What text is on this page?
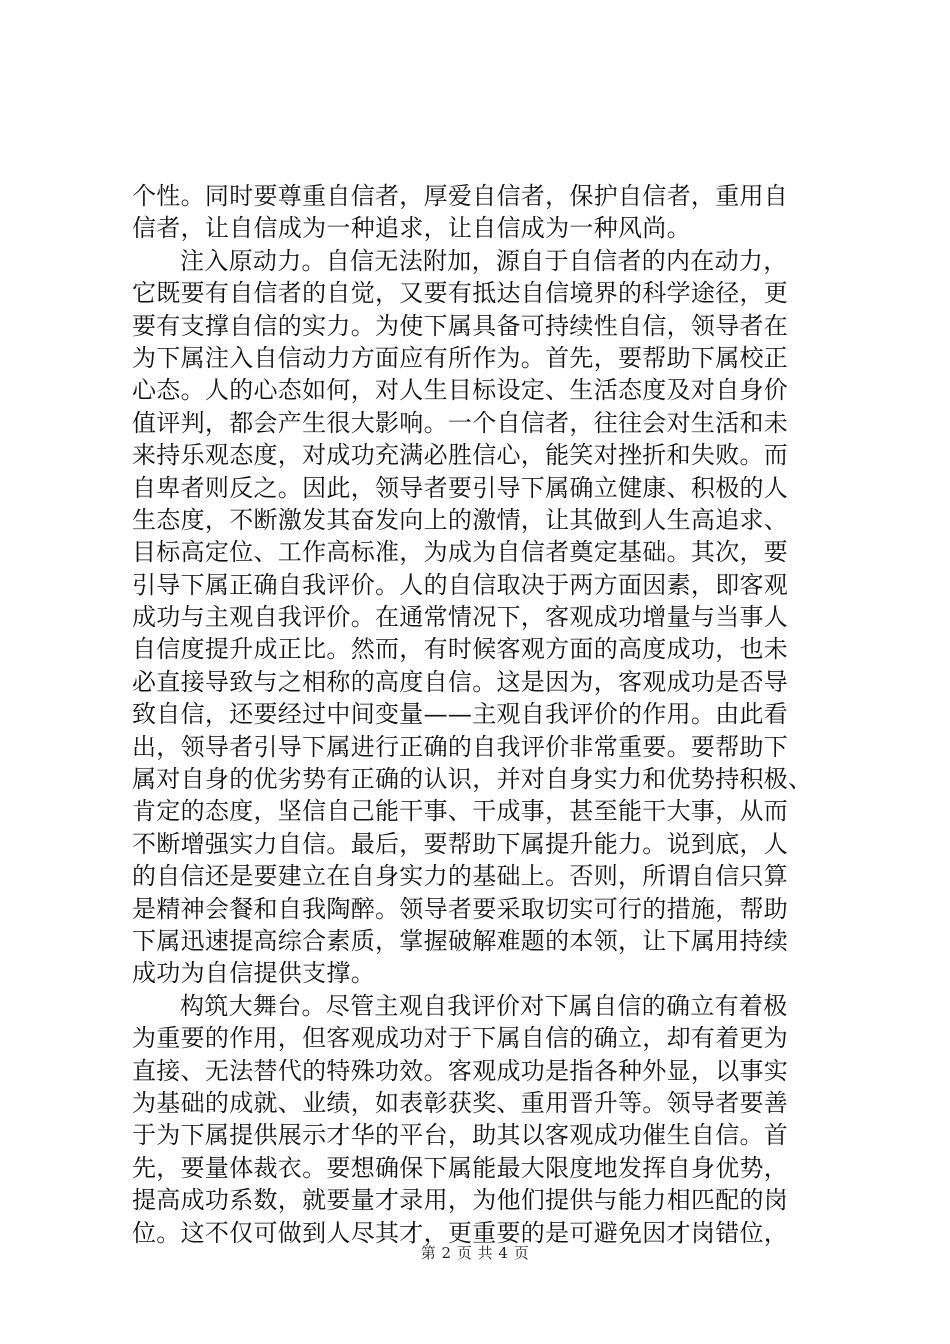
个性。同时要尊重自信者，厚爱自信者，保护自信者，重用自
信者，让自信成为一种追求，让自信成为一种风尚。
注入原动力。自信无法附加，源自于自信者的内在动力，
它既要有自信者的自觉，又要有抵达自信境界的科学途径，更
要有支撑自信的实力。为使下属具备可持续性自信，领导者在
为下属注入自信动力方面应有所作为。首先，要帮助下属校正
心态。人的心态如何，对人生目标设定、生活态度及对自身价
值评判，都会产生很大影响。一个自信者，往往会对生活和未
来持乐观态度，对成功充满必胜信心，能笑对挫折和失败。而
自卑者则反之。因此，领导者要引导下属确立健康、积极的人
生态度，不断激发其奋发向上的激情，让其做到人生高追求、
目标高定位、工作高标准，为成为自信者奠定基础。其次，要
引导下属正确自我评价。人的自信取决于两方面因素，即客观
成功与主观自我评价。在通常情况下，客观成功增量与当事人
自信度提升成正比。然而，有时候客观方面的高度成功，也未
必直接导致与之相称的高度自信。这是因为，客观成功是否导
致自信，还要经过中间变量——主观自我评价的作用。由此看
出，领导者引导下属进行正确的自我评价非常重要。要帮助下
属对自身的优劣势有正确的认识，并对自身实力和优势持积极、
肯定的态度，坚信自己能干事、干成事，甚至能干大事，从而
不断增强实力自信。最后，要帮助下属提升能力。说到底，人
的自信还是要建立在自身实力的基础上。否则，所谓自信只算
是精神会餐和自我陶醉。领导者要采取切实可行的措施，帮助
下属迅速提高综合素质，掌握破解难题的本领，让下属用持续
成功为自信提供支撑。
构筑大舞台。尽管主观自我评价对下属自信的确立有着极
为重要的作用，但客观成功对于下属自信的确立，却有着更为
直接、无法替代的特殊功效。客观成功是指各种外显，以事实
为基础的成就、业绩，如表彰获奖、重用晋升等。领导者要善
于为下属提供展示才华的平台，助其以客观成功催生自信。首
先，要量体裁衣。要想确保下属能最大限度地发挥自身优势，
提高成功系数，就要量才录用，为他们提供与能力相匹配的岗
位。这不仅可做到人尽其才，更重要的是可避免因才岗错位，
第 2 页 共 4 页
